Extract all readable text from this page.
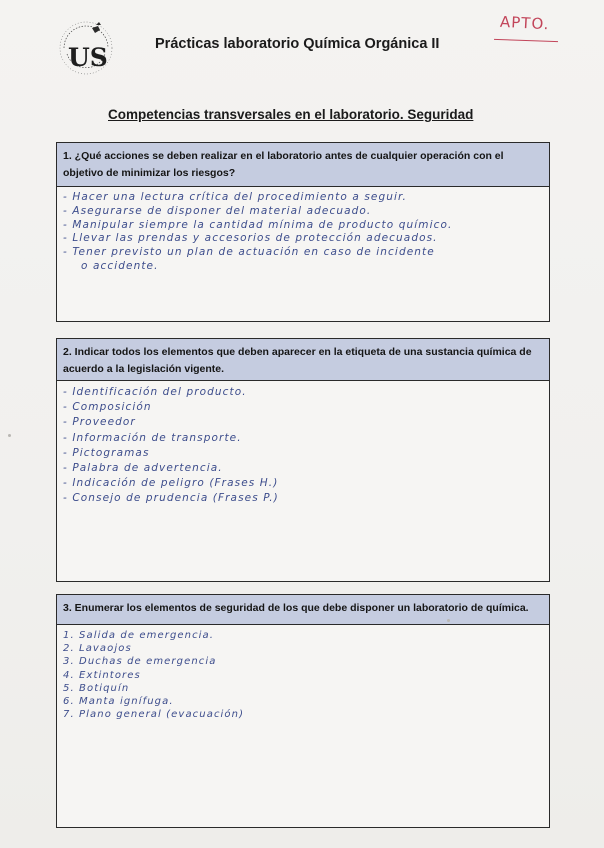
US	Prácticas laboratorio Química Orgánica II
APTO.
Competencias transversales en el laboratorio. Seguridad
1. ¿Qué acciones se deben realizar en el laboratorio antes de cualquier operación con el objetivo de minimizar los riesgos?
- Hacer una lectura crítica del procedimiento a seguir.
- Asegurarse de disponer del material adecuado.
- Manipular siempre la cantidad mínima de producto químico.
- Llevar las prendas y accesorios de protección adecuados.
- Tener previsto un plan de actuación en caso de incidente
o accidente.
2. Indicar todos los elementos que deben aparecer en la etiqueta de una sustancia química de acuerdo a la legislación vigente.
- Identificación del producto.
- Composición
- Proveedor
- Información de transporte.
- Pictogramas
- Palabra de advertencia.
- Indicación de peligro (Frases H.)
- Consejo de prudencia (Frases P.)
3. Enumerar los elementos de seguridad de los que debe disponer un laboratorio de química.
1. Salida de emergencia.
2. Lavaojos
3. Duchas de emergencia
4. Extintores
5. Botiquín
6. Manta ignífuga.
7. Plano general (evacuación)
